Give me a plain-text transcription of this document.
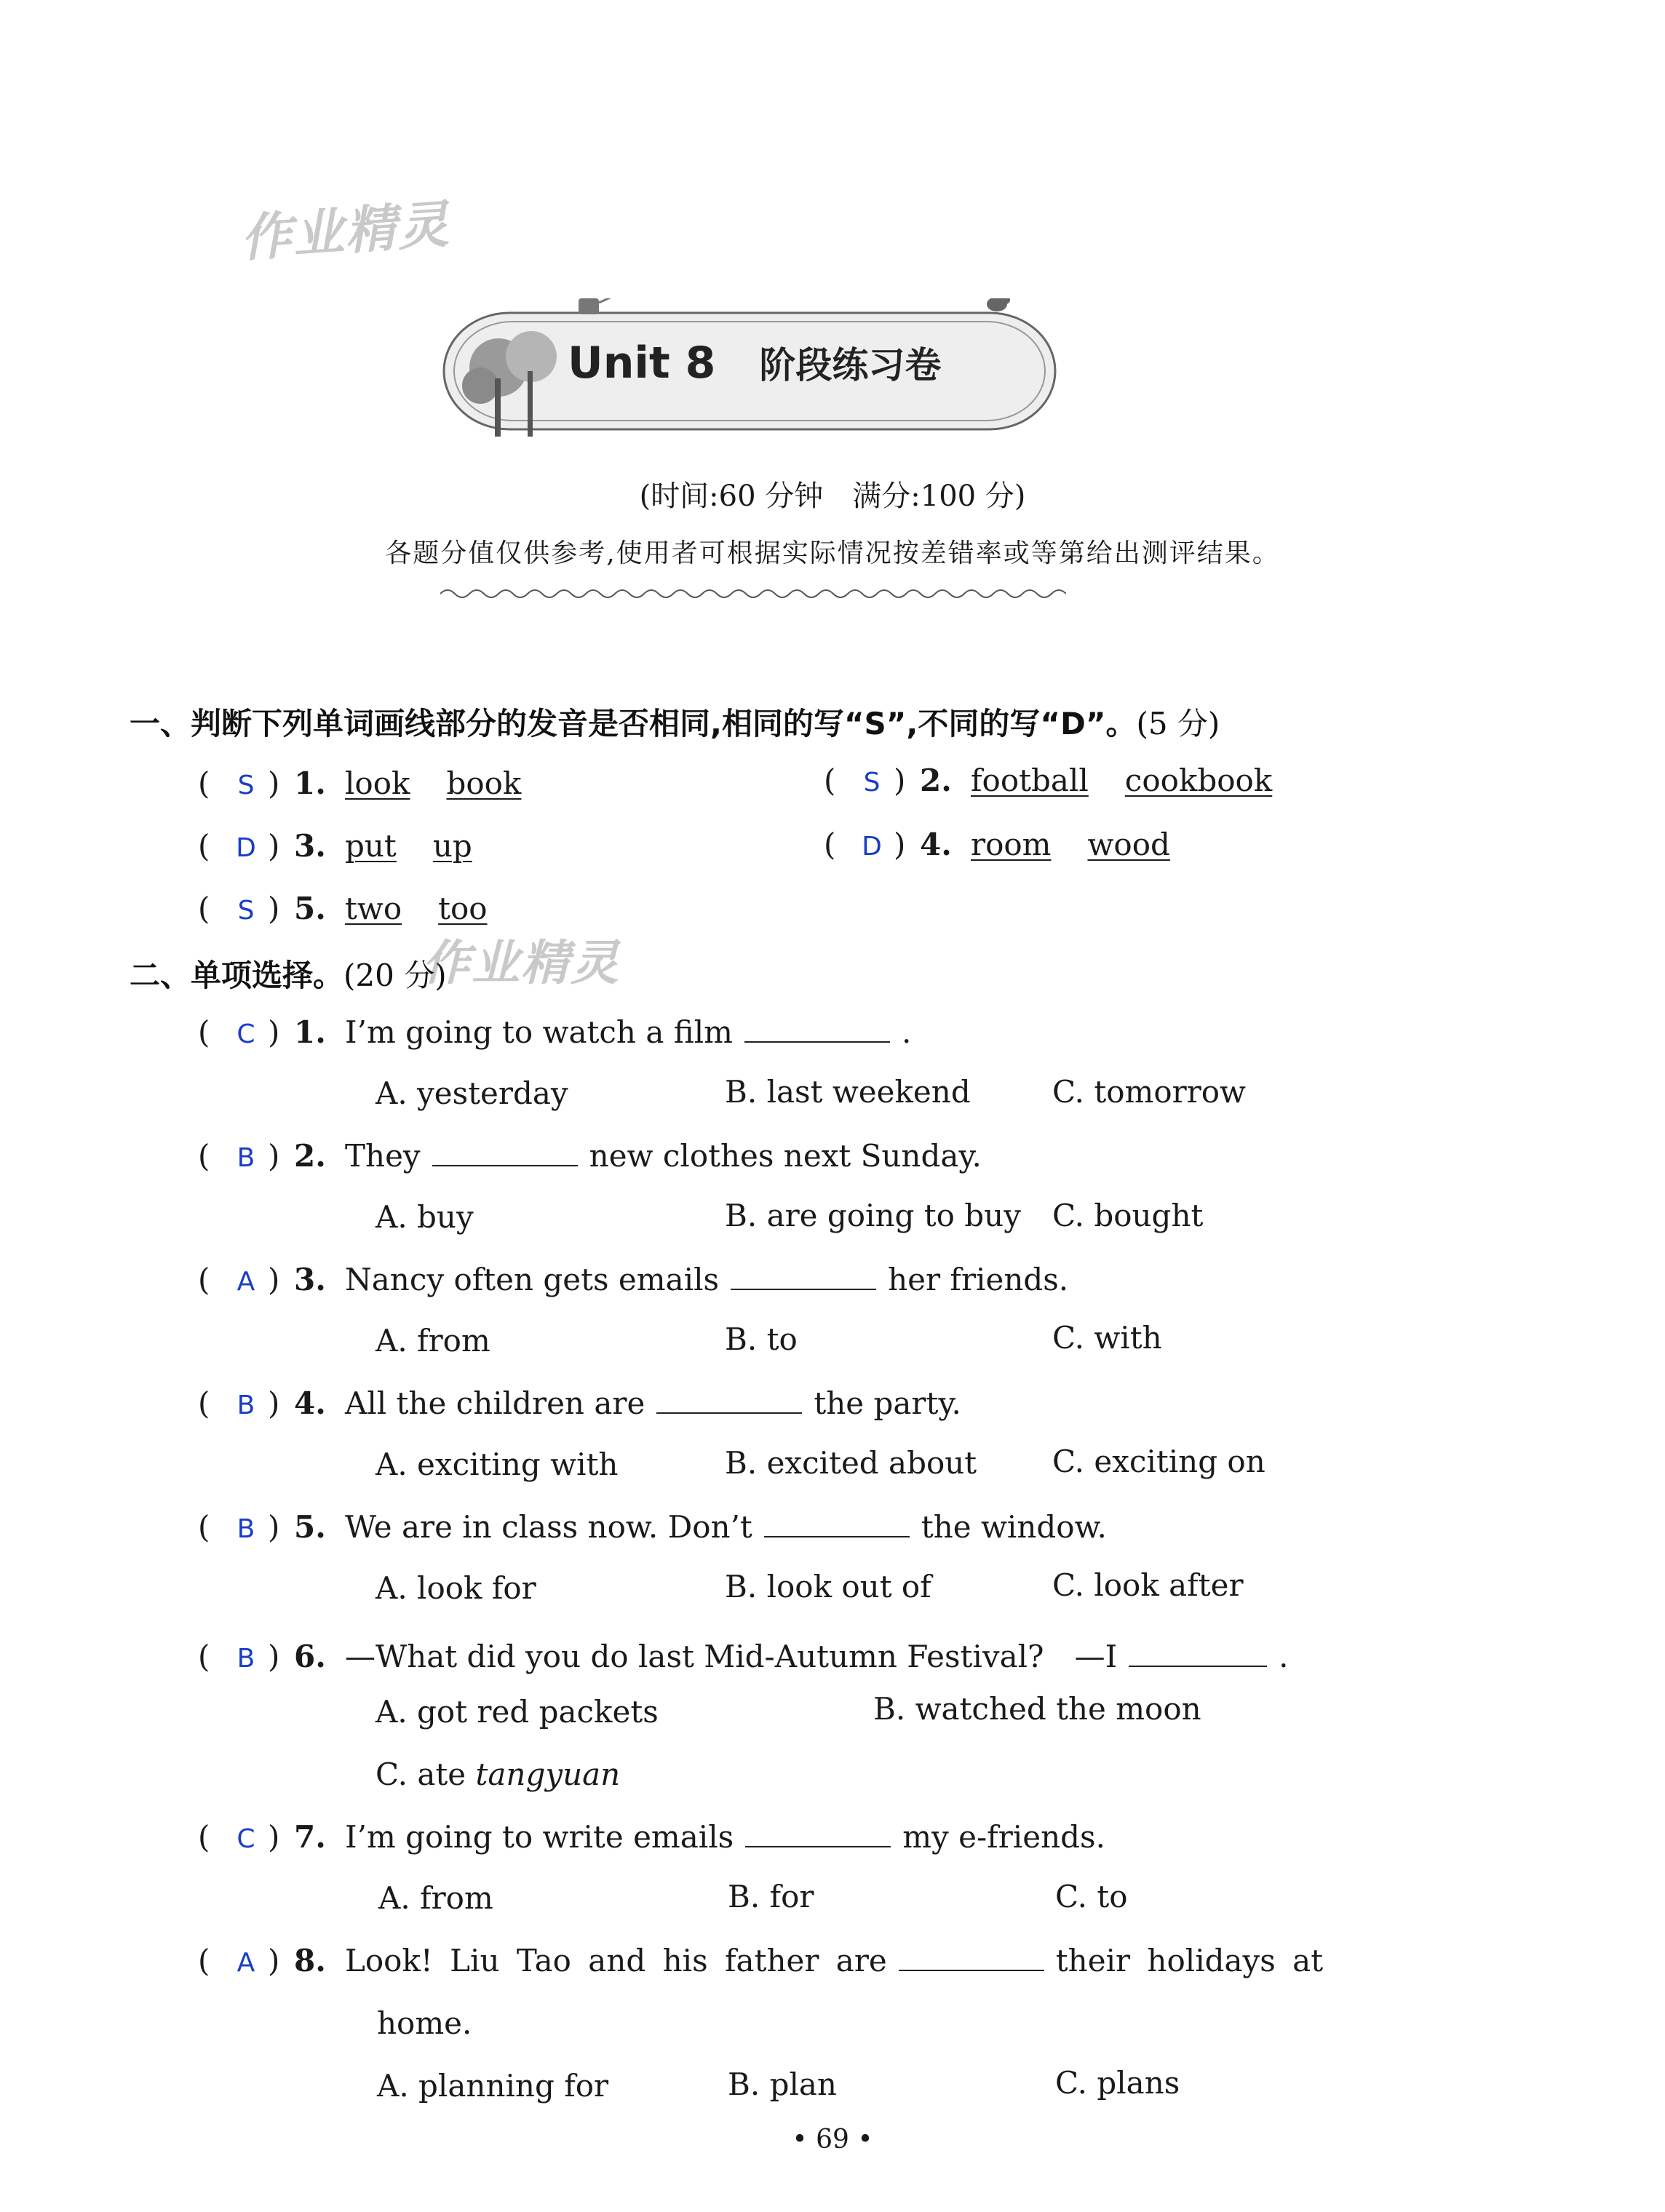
作业精灵
作业精灵
Unit 8 阶段练习卷
(时间:60 分钟　满分:100 分)
各题分值仅供参考,使用者可根据实际情况按差错率或等第给出测评结果。
一、判断下列单词画线部分的发音是否相同,相同的写“S”,不同的写“D”。(5 分)
( S ) 1. look book	( S ) 2. football cookbook
( D ) 3. put up	( D ) 4. room wood
( S ) 5. two too
二、单项选择。(20 分)
( C ) 1. I’m going to watch a film	.
A. yesterday	B. last weekend	C. tomorrow
( B ) 2. They	new clothes next Sunday.
A. buy	B. are going to buy C. bought
( A ) 3. Nancy often gets emails	her friends.
A. from	B. to	C. with
( B ) 4. All the children are	the party.
A. exciting with	B. excited about C. exciting on
( B ) 5. We are in class now. Don’t	the window.
A. look for	B. look out of	C. look after
( B ) 6. —What did you do last Mid-Autumn Festival?　—I	.
A. got red packets	B. watched the moon
C. ate tangyuan
( C ) 7. I’m going to write emails	my e-friends.
A. from	B. for	C. to
( A ) 8. Look! Liu Tao and his father are	their holidays at
home.
A. planning for	B. plan	C. plans
• 69 •
